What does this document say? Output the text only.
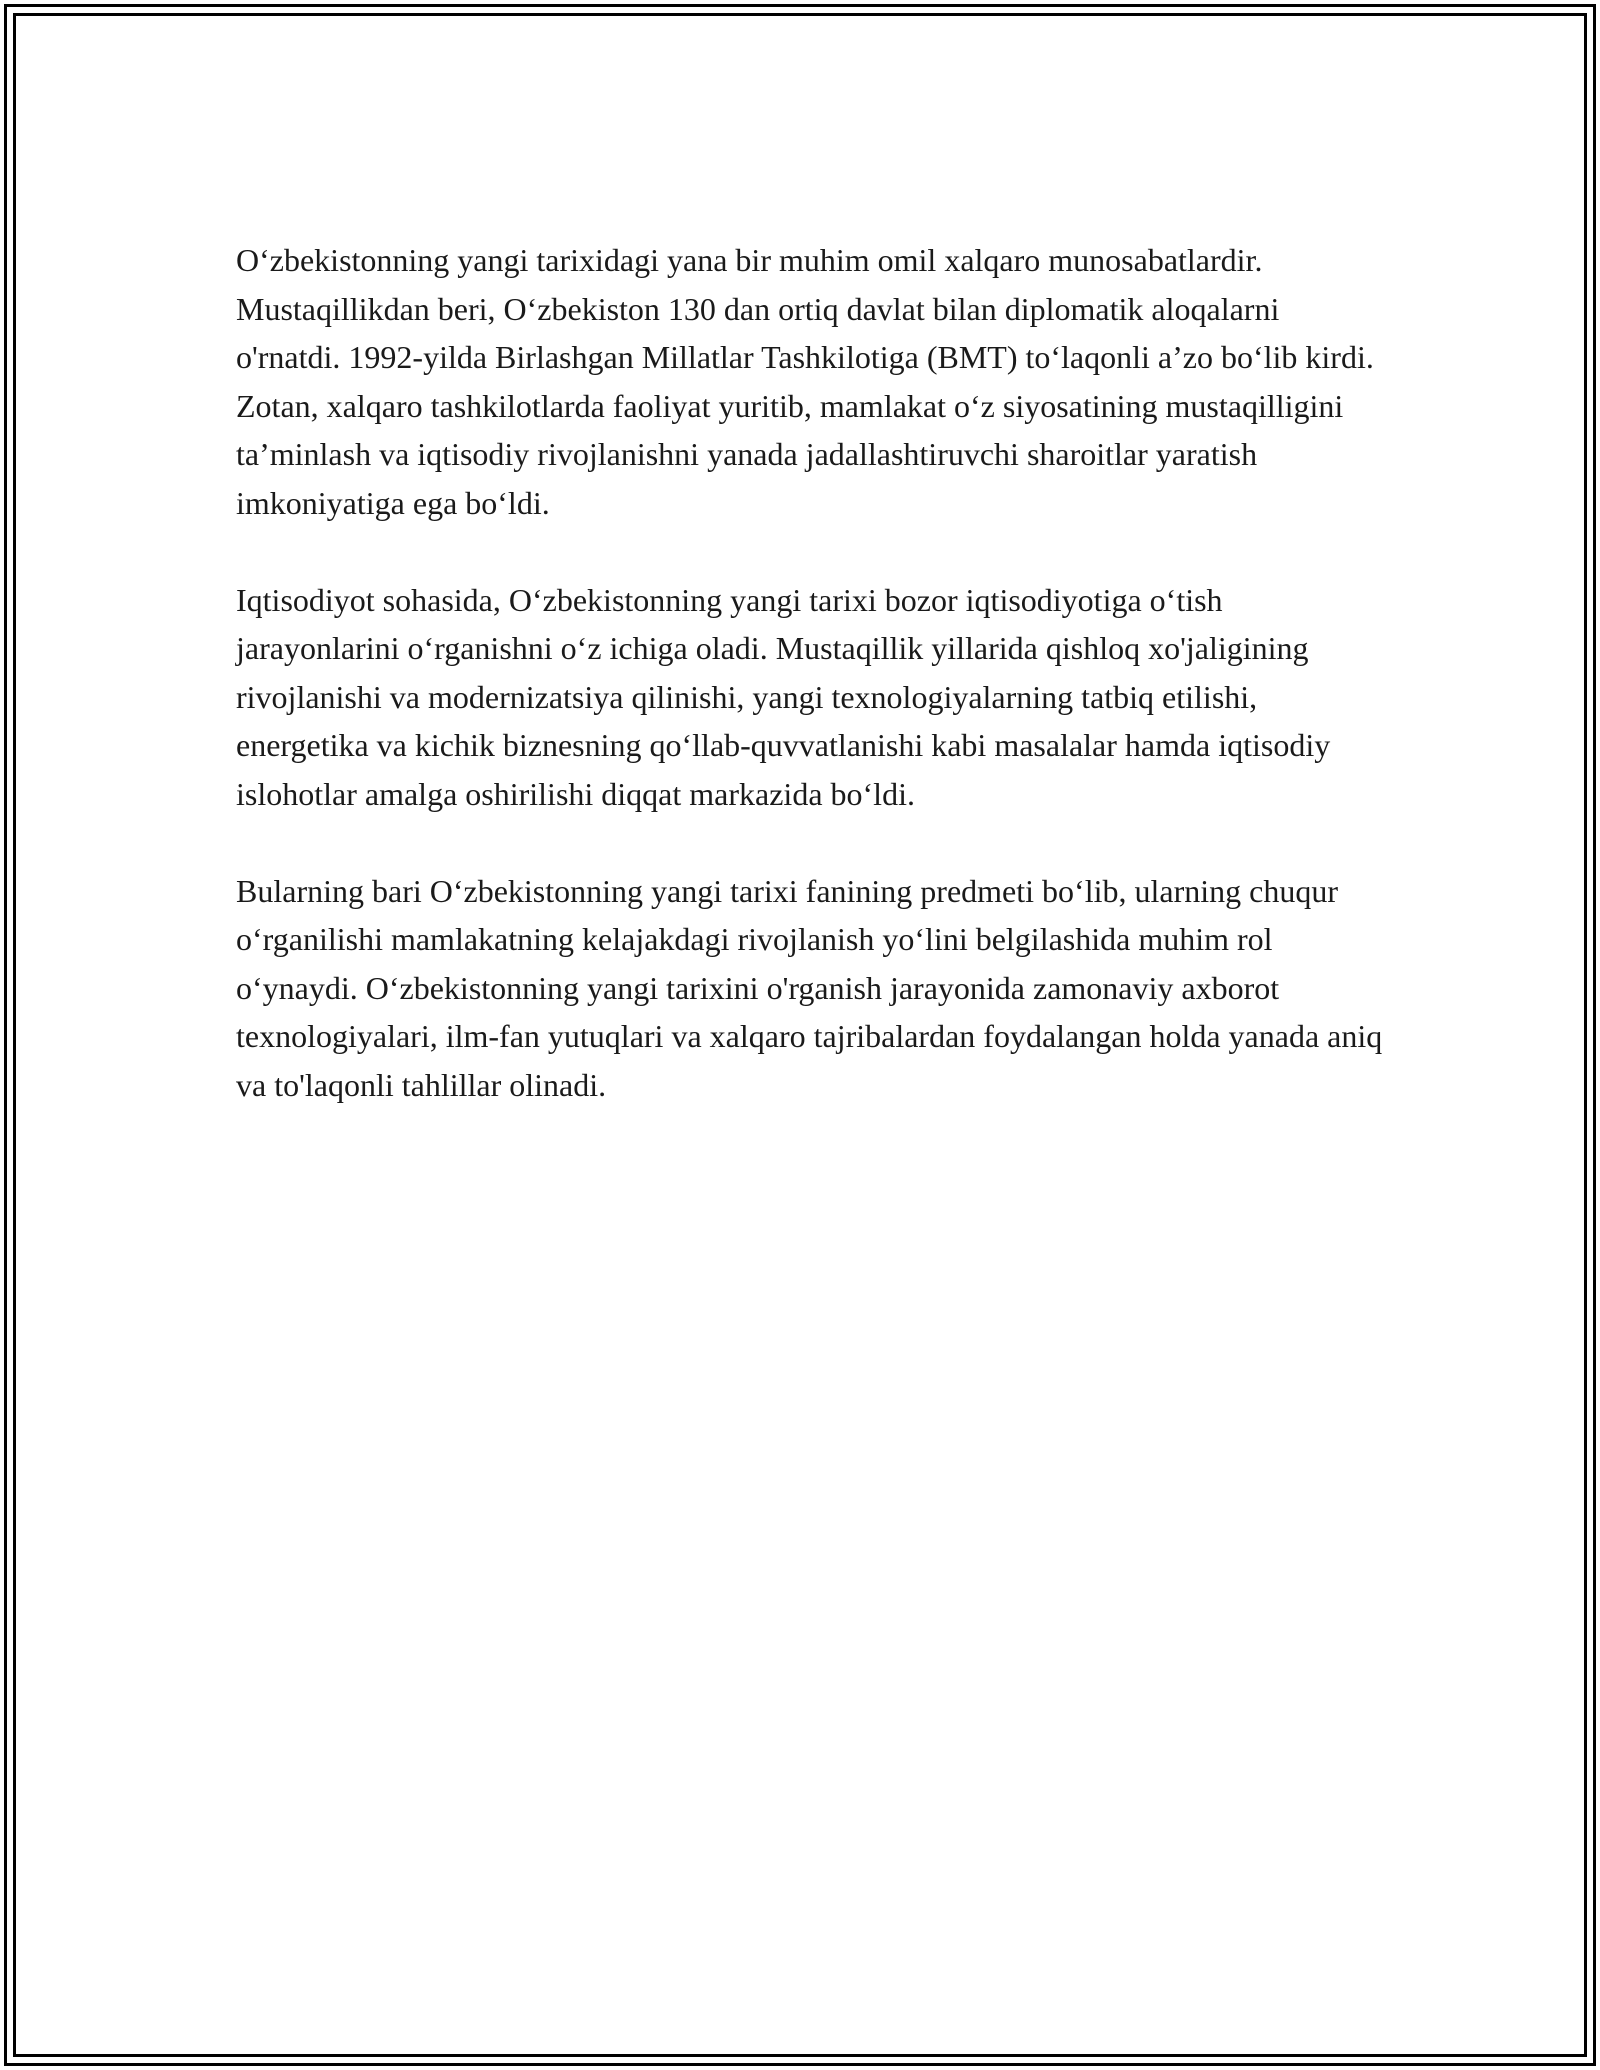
O‘zbekistonning yangi tarixidagi yana bir muhim omil xalqaro munosabatlardir. Mustaqillikdan beri, O‘zbekiston 130 dan ortiq davlat bilan diplomatik aloqalarni o'rnatdi. 1992-yilda Birlashgan Millatlar Tashkilotiga (BMT) to‘laqonli a’zo bo‘lib kirdi. Zotan, xalqaro tashkilotlarda faoliyat yuritib, mamlakat o‘z siyosatining mustaqilligini ta’minlash va iqtisodiy rivojlanishni yanada jadallashtiruvchi sharoitlar yaratish imkoniyatiga ega bo‘ldi.

Iqtisodiyot sohasida, O‘zbekistonning yangi tarixi bozor iqtisodiyotiga o‘tish jarayonlarini o‘rganishni o‘z ichiga oladi. Mustaqillik yillarida qishloq xo'jaligining rivojlanishi va modernizatsiya qilinishi, yangi texnologiyalarning tatbiq etilishi, energetika va kichik biznesning qo‘llab-quvvatlanishi kabi masalalar hamda iqtisodiy islohotlar amalga oshirilishi diqqat markazida bo‘ldi.

Bularning bari O‘zbekistonning yangi tarixi fanining predmeti bo‘lib, ularning chuqur o‘rganilishi mamlakatning kelajakdagi rivojlanish yo‘lini belgilashida muhim rol o‘ynaydi. O‘zbekistonning yangi tarixini o'rganish jarayonida zamonaviy axborot texnologiyalari, ilm-fan yutuqlari va xalqaro tajribalardan foydalangan holda yanada aniq va to'laqonli tahlillar olinadi.
